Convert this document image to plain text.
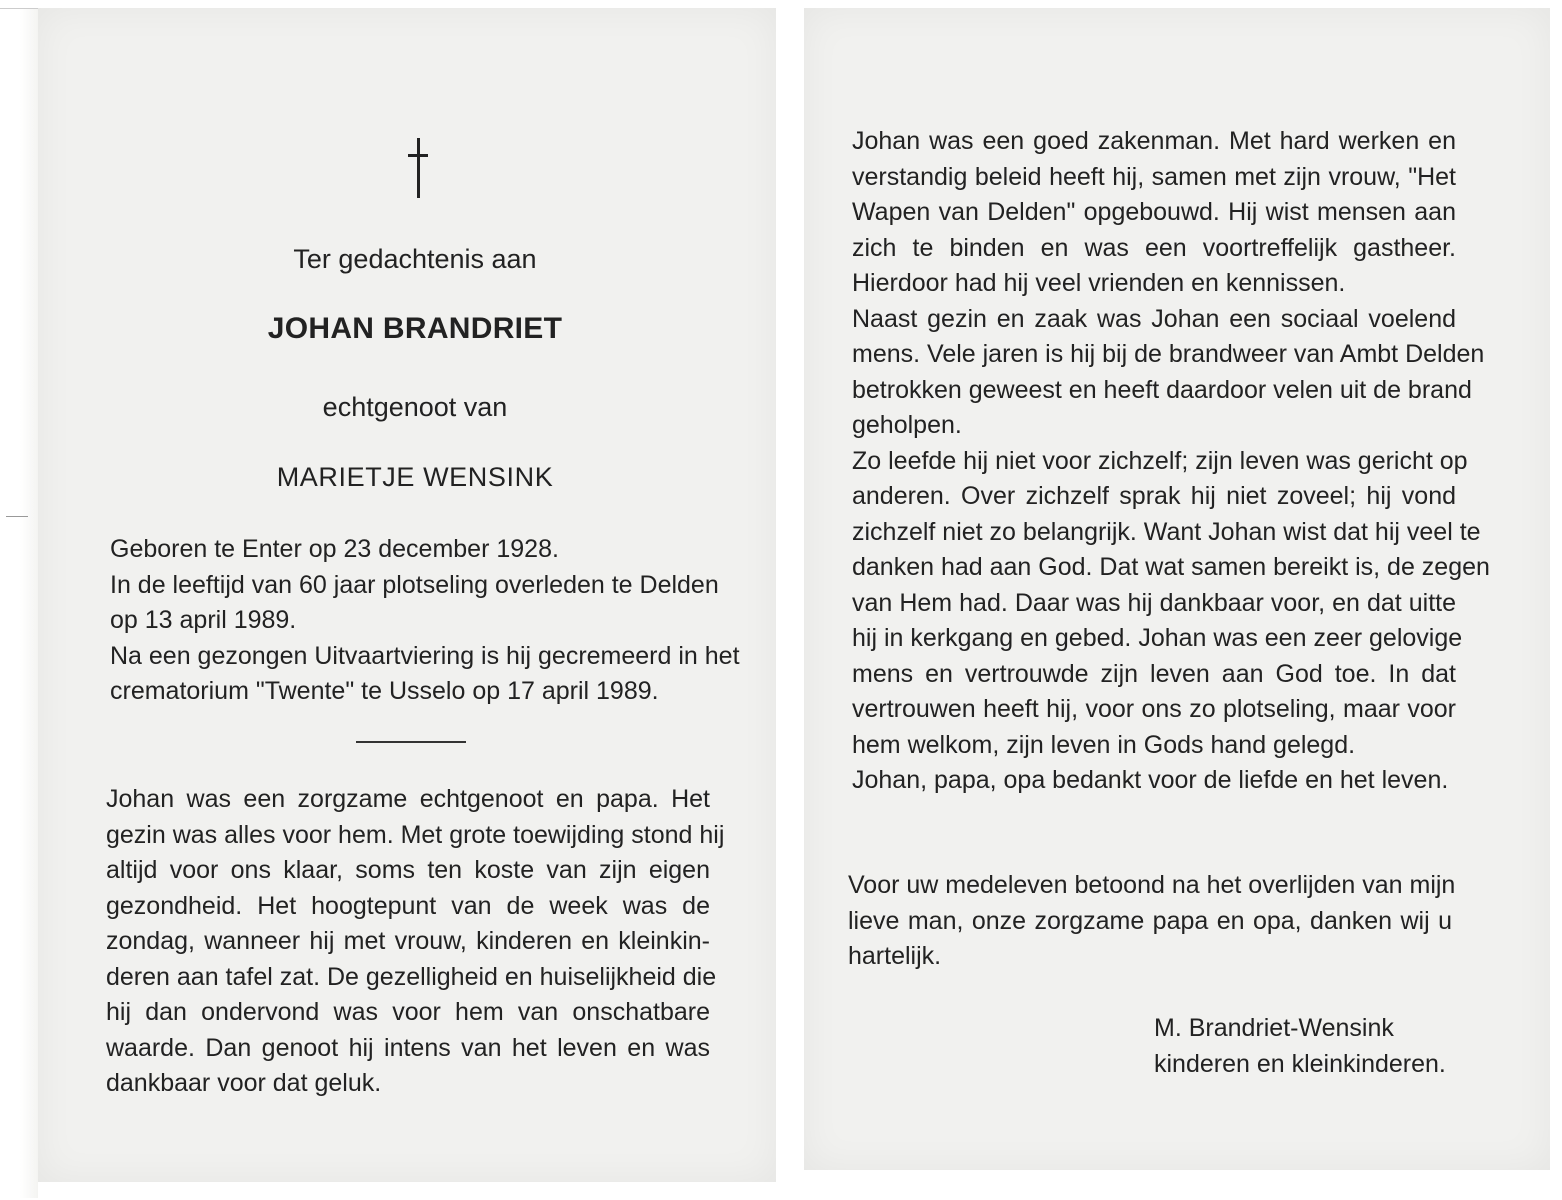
Ter gedachtenis aan
JOHAN BRANDRIET
echtgenoot van
MARIETJE WENSINK
Geboren te Enter op 23 december 1928.
In de leeftijd van 60 jaar plotseling overleden te Delden
op 13 april 1989.
Na een gezongen Uitvaartviering is hij gecremeerd in het
crematorium "Twente" te Usselo op 17 april 1989.
Johan was een zorgzame echtgenoot en papa. Het
gezin was alles voor hem. Met grote toewijding stond hij
altijd voor ons klaar, soms ten koste van zijn eigen
gezondheid. Het hoogtepunt van de week was de
zondag, wanneer hij met vrouw, kinderen en kleinkin-
deren aan tafel zat. De gezelligheid en huiselijkheid die
hij dan ondervond was voor hem van onschatbare
waarde. Dan genoot hij intens van het leven en was
dankbaar voor dat geluk.
Johan was een goed zakenman. Met hard werken en
verstandig beleid heeft hij, samen met zijn vrouw, "Het
Wapen van Delden" opgebouwd. Hij wist mensen aan
zich te binden en was een voortreffelijk gastheer.
Hierdoor had hij veel vrienden en kennissen.
Naast gezin en zaak was Johan een sociaal voelend
mens. Vele jaren is hij bij de brandweer van Ambt Delden
betrokken geweest en heeft daardoor velen uit de brand
geholpen.
Zo leefde hij niet voor zichzelf; zijn leven was gericht op
anderen. Over zichzelf sprak hij niet zoveel; hij vond
zichzelf niet zo belangrijk. Want Johan wist dat hij veel te
danken had aan God. Dat wat samen bereikt is, de zegen
van Hem had. Daar was hij dankbaar voor, en dat uitte
hij in kerkgang en gebed. Johan was een zeer gelovige
mens en vertrouwde zijn leven aan God toe. In dat
vertrouwen heeft hij, voor ons zo plotseling, maar voor
hem welkom, zijn leven in Gods hand gelegd.
Johan, papa, opa bedankt voor de liefde en het leven.
Voor uw medeleven betoond na het overlijden van mijn
lieve man, onze zorgzame papa en opa, danken wij u
hartelijk.
M. Brandriet-Wensink
kinderen en kleinkinderen.
